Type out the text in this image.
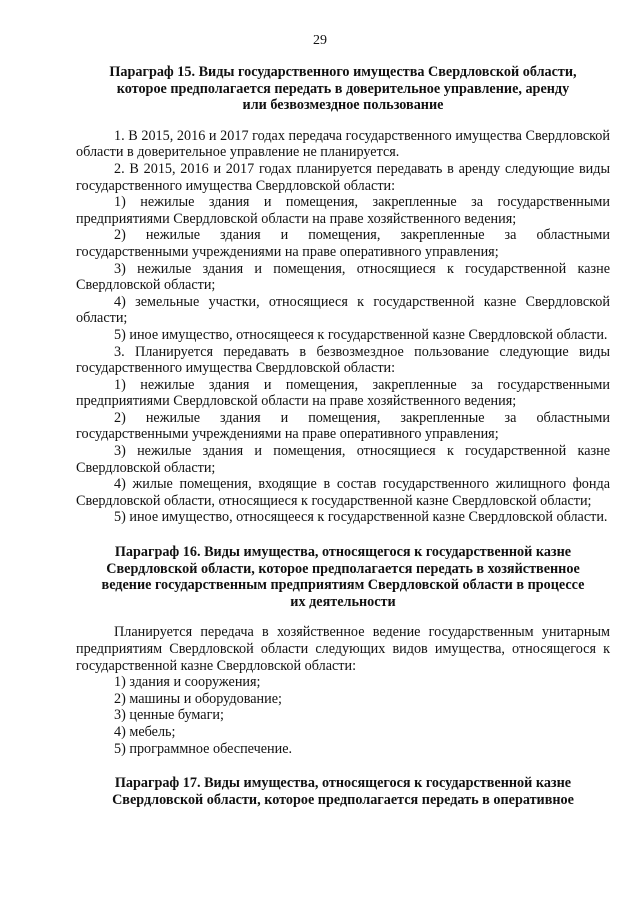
29
Параграф 15. Виды государственного имущества Свердловской области,
которое предполагается передать в доверительное управление, аренду
или безвозмездное пользование

1. В 2015, 2016 и 2017 годах передача государственного имущества Свердловской области в доверительное управление не планируется.

2. В 2015, 2016 и 2017 годах планируется передавать в аренду следующие виды государственного имущества Свердловской области:

1) нежилые здания и помещения, закрепленные за государственными предприятиями Свердловской области на праве хозяйственного ведения;

2) нежилые здания и помещения, закрепленные за областными государственными учреждениями на праве оперативного управления;

3) нежилые здания и помещения, относящиеся к государственной казне Свердловской области;

4) земельные участки, относящиеся к государственной казне Свердловской области;

5) иное имущество, относящееся к государственной казне Свердловской области.

3. Планируется передавать в безвозмездное пользование следующие виды государственного имущества Свердловской области:

1) нежилые здания и помещения, закрепленные за государственными предприятиями Свердловской области на праве хозяйственного ведения;

2) нежилые здания и помещения, закрепленные за областными государственными учреждениями на праве оперативного управления;

3) нежилые здания и помещения, относящиеся к государственной казне Свердловской области;

4) жилые помещения, входящие в состав государственного жилищного фонда Свердловской области, относящиеся к государственной казне Свердловской области;

5) иное имущество, относящееся к государственной казне Свердловской области.

Параграф 16. Виды имущества, относящегося к государственной казне
Свердловской области, которое предполагается передать в хозяйственное
ведение государственным предприятиям Свердловской области в процессе
их деятельности

Планируется передача в хозяйственное ведение государственным унитарным предприятиям Свердловской области следующих видов имущества, относящегося к государственной казне Свердловской области:

1) здания и сооружения;

2) машины и оборудование;

3) ценные бумаги;

4) мебель;

5) программное обеспечение.

Параграф 17. Виды имущества, относящегося к государственной казне
Свердловской области, которое предполагается передать в оперативное
